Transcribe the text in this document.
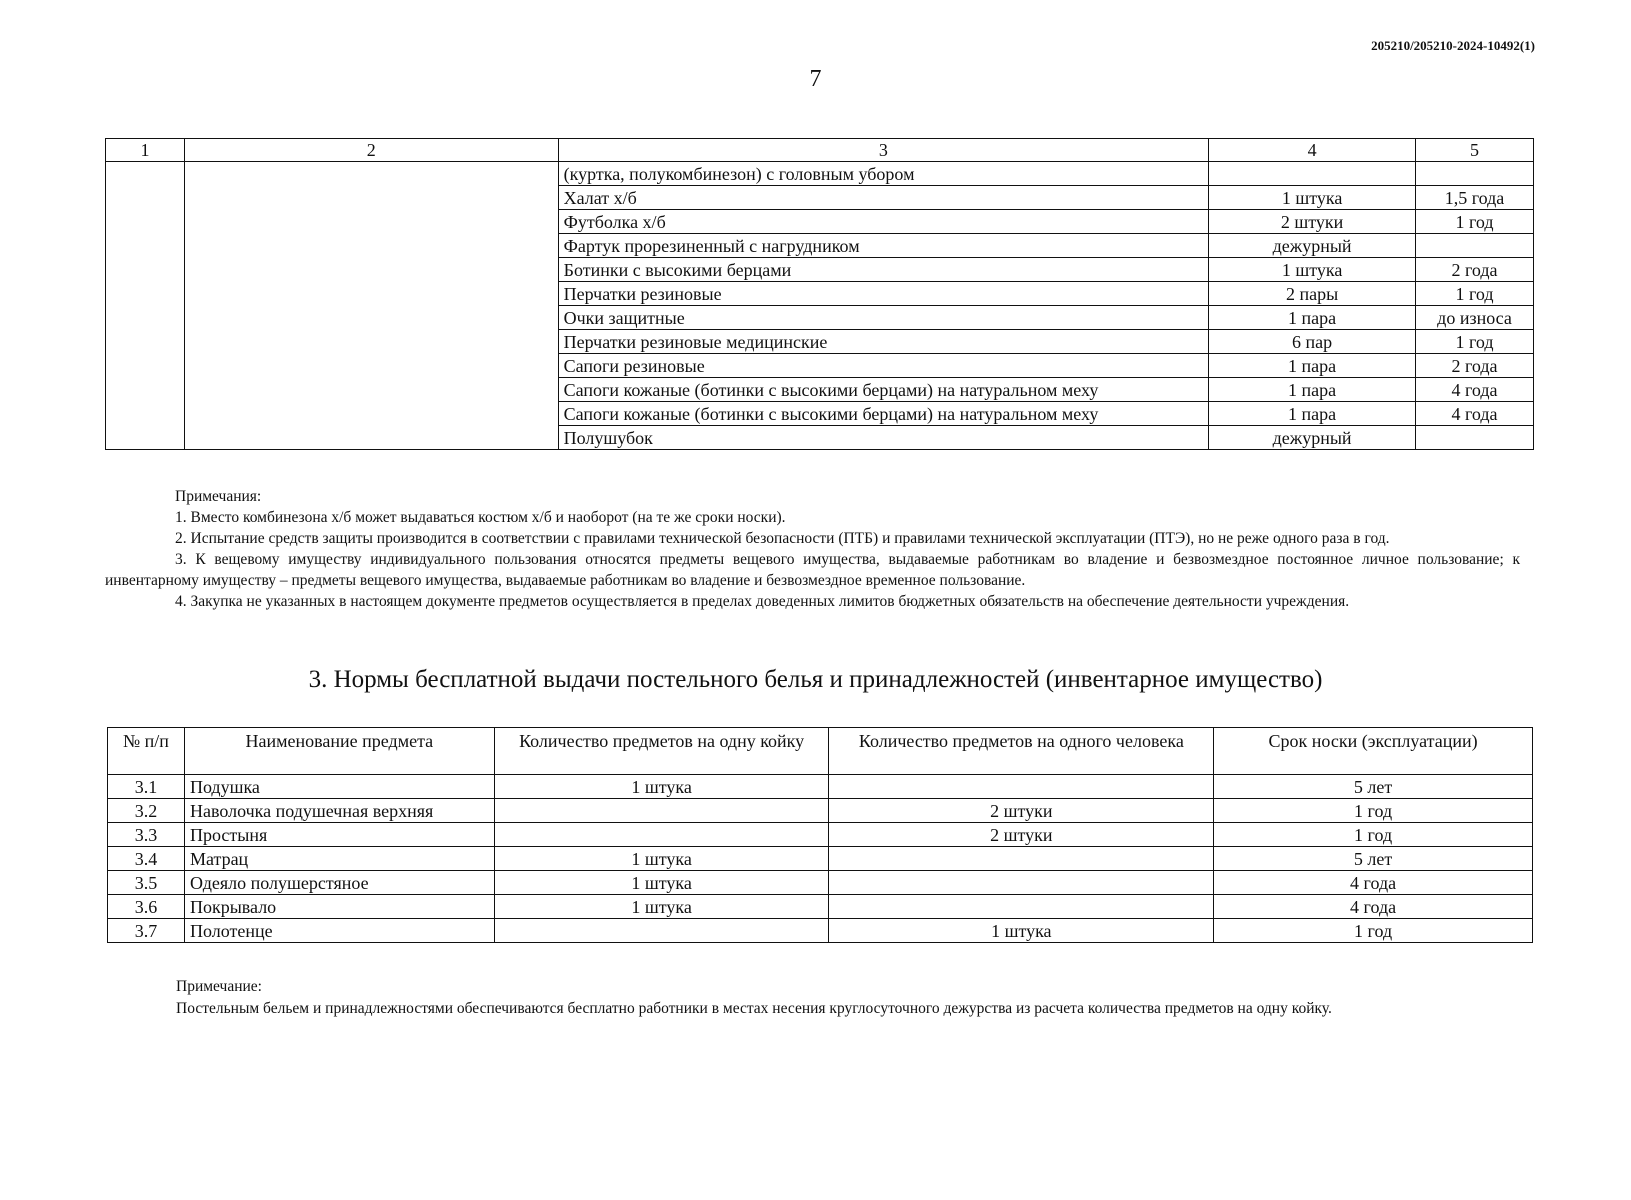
205210/205210-2024-10492(1)
7
1	2	3	4	5
		(куртка, полукомбинезон) с головным убором		
		Халат х/б	1 штука	1,5 года
		Футболка х/б	2 штуки	1 год
		Фартук прорезиненный с нагрудником	дежурный	
		Ботинки с высокими берцами	1 штука	2 года
		Перчатки резиновые	2 пары	1 год
		Очки защитные	1 пара	до износа
		Перчатки резиновые медицинские	6 пар	1 год
		Сапоги резиновые	1 пара	2 года
		Сапоги кожаные (ботинки с высокими берцами) на натуральном меху	1 пара	4 года
		Сапоги кожаные (ботинки с высокими берцами) на натуральном меху	1 пара	4 года
		Полушубок	дежурный	

Примечания:

1. Вместо комбинезона х/б может выдаваться костюм х/б и наоборот (на те же сроки носки).

2. Испытание средств защиты производится в соответствии с правилами технической безопасности (ПТБ) и правилами технической эксплуатации (ПТЭ), но не реже одного раза в год.

3. К вещевому имуществу индивидуального пользования относятся предметы вещевого имущества, выдаваемые работникам во владение и безвозмездное постоянное личное пользование; к инвентарному имуществу – предметы вещевого имущества, выдаваемые работникам во владение и безвозмездное временное пользование.

4. Закупка не указанных в настоящем документе предметов осуществляется в пределах доведенных лимитов бюджетных обязательств на обеспечение деятельности учреждения.

3. Нормы бесплатной выдачи постельного белья и принадлежностей (инвентарное имущество)
№ п/п	Наименование предмета	Количество предметов на одну койку	Количество предметов на одного человека	Срок носки (эксплуатации)
3.1	Подушка	1 штука		5 лет
3.2	Наволочка подушечная верхняя		2 штуки	1 год
3.3	Простыня		2 штуки	1 год
3.4	Матрац	1 штука		5 лет
3.5	Одеяло полушерстяное	1 штука		4 года
3.6	Покрывало	1 штука		4 года
3.7	Полотенце		1 штука	1 год

Примечание:

Постельным бельем и принадлежностями обеспечиваются бесплатно работники в местах несения круглосуточного дежурства из расчета количества предметов на одну койку.
